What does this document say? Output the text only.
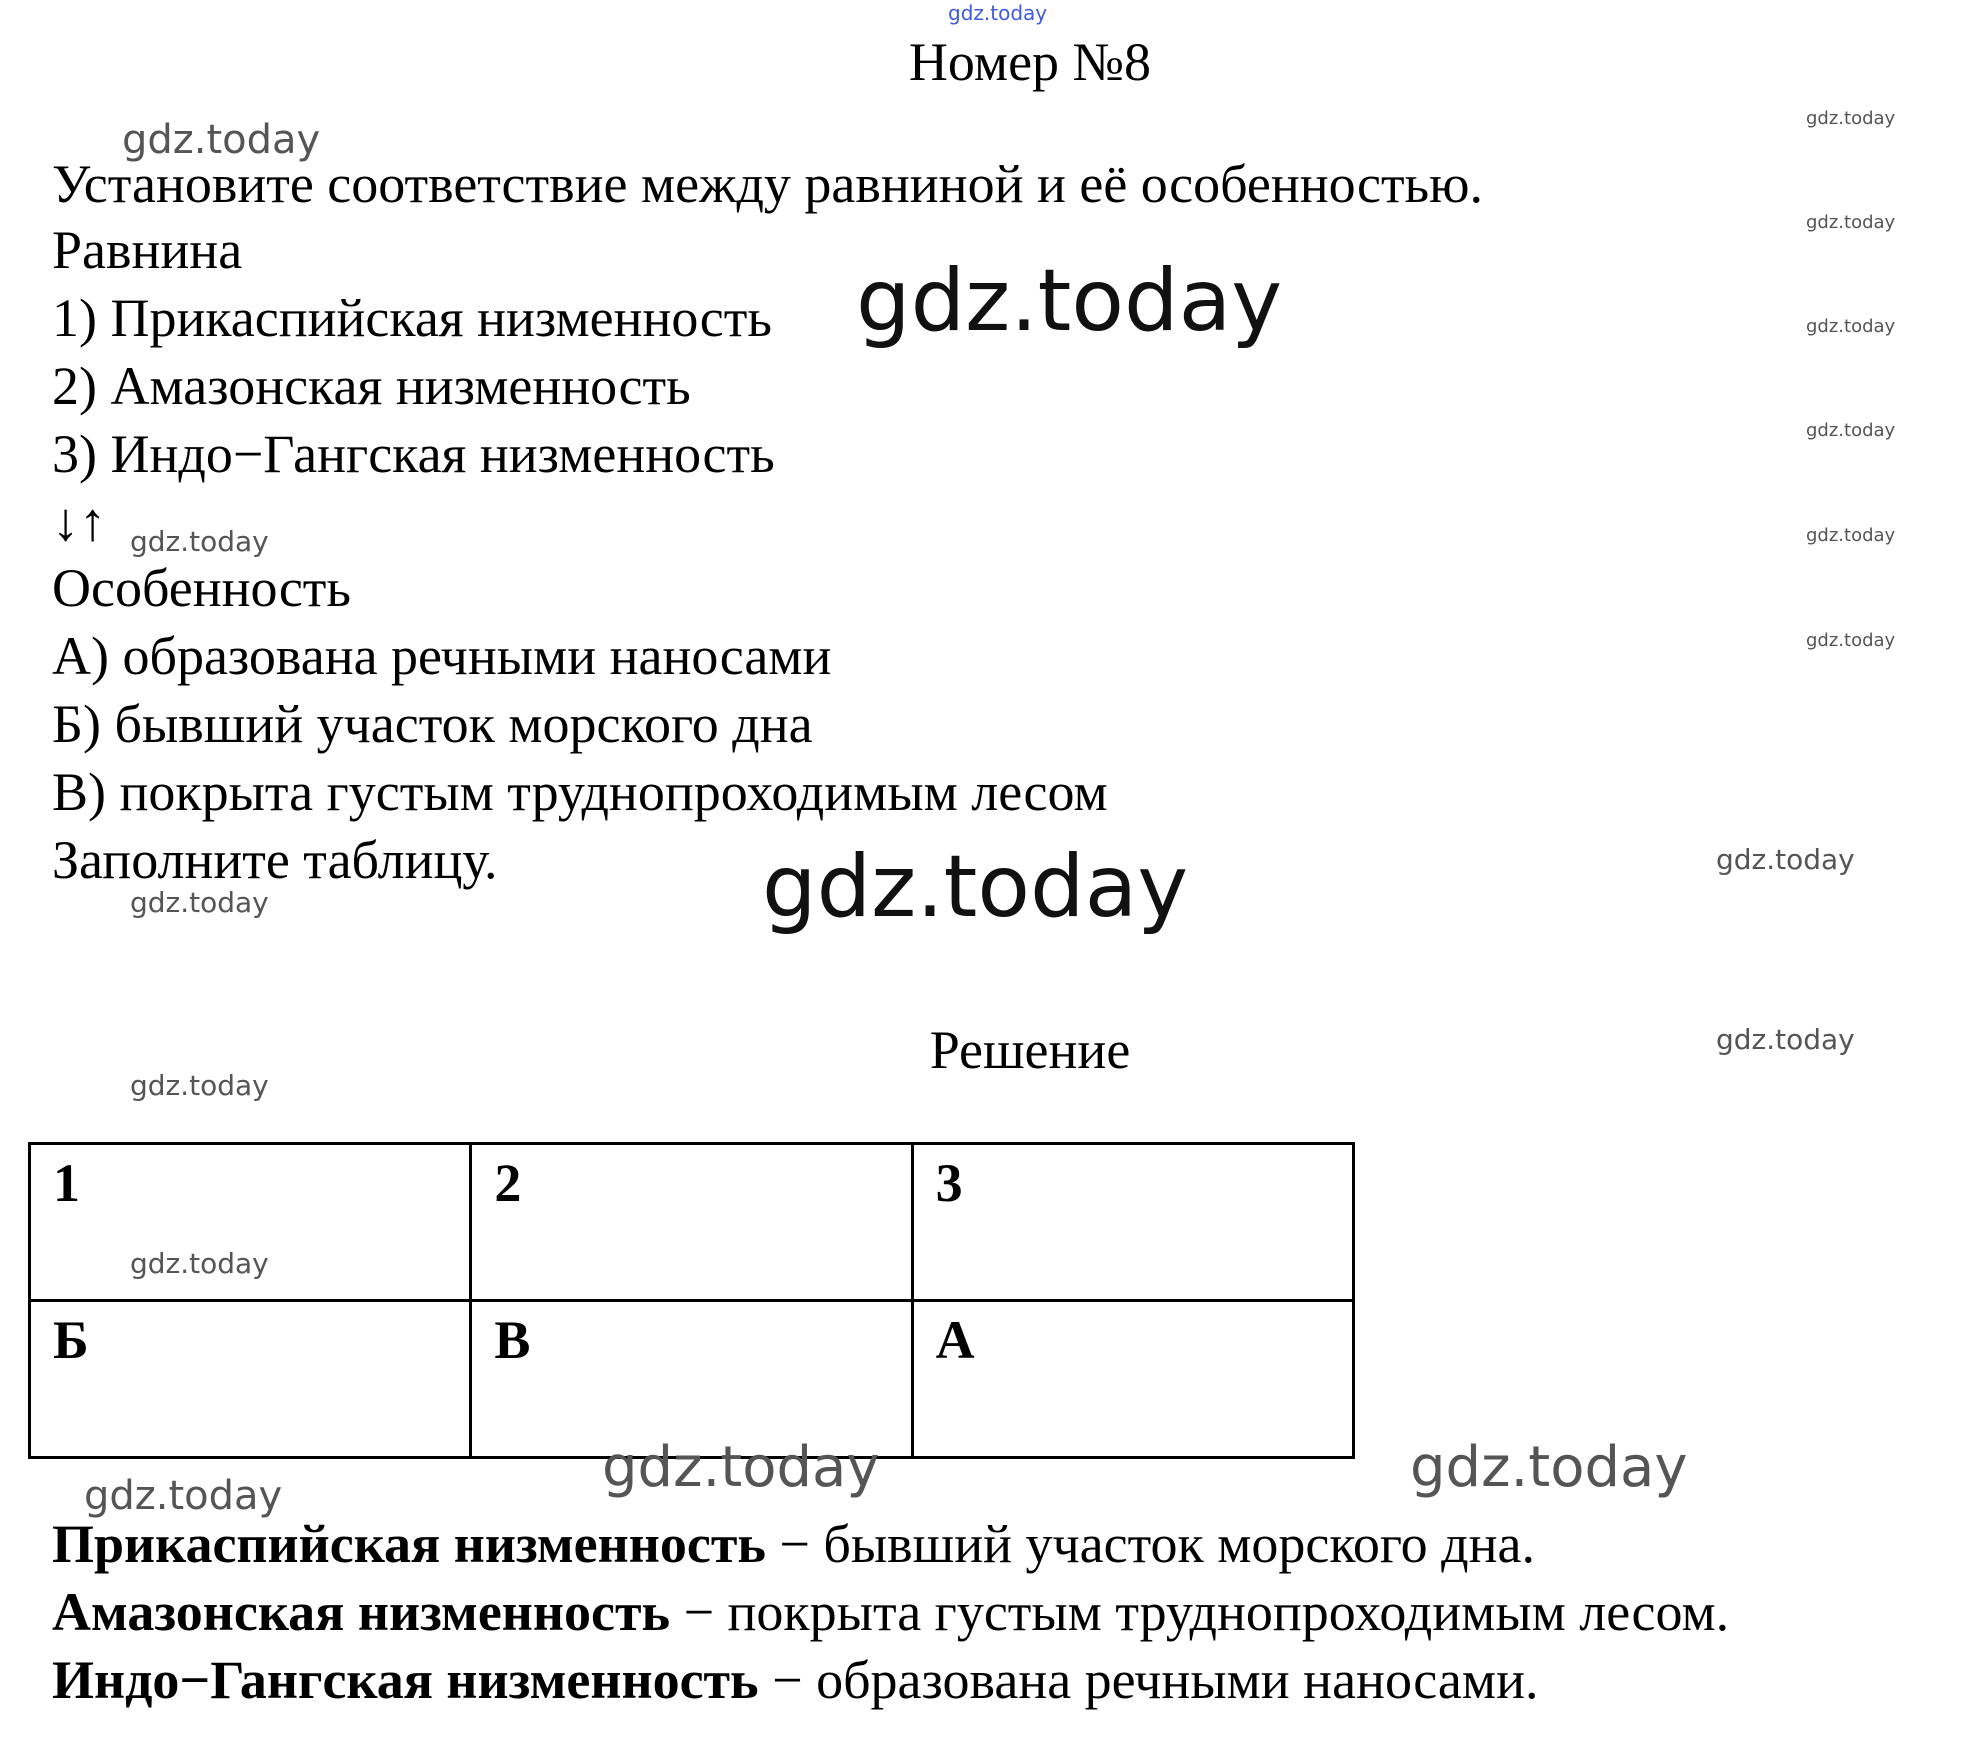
Номер №8
Установите соответствие между равниной и её особенностью.
Равнина
1) Прикаспийская низменность
2) Амазонская низменность
3) Индо−Гангская низменность
↓↑
Особенность
А) образована речными наносами
Б) бывший участок морского дна
В) покрыта густым труднопроходимым лесом
Заполните таблицу.
Решение
1	2	3
Б	В	А
Прикаспийская низменность − бывший участок морского дна.
Амазонская низменность − покрыта густым труднопроходимым лесом.
Индо−Гангская низменность − образована речными наносами.
gdz.today
gdz.today
gdz.today
gdz.today
gdz.today
gdz.today
gdz.today
gdz.today
gdz.today
gdz.today
gdz.today
gdz.today
gdz.today
gdz.today
gdz.today
gdz.today
gdz.today	gdz.today
gdz.today
